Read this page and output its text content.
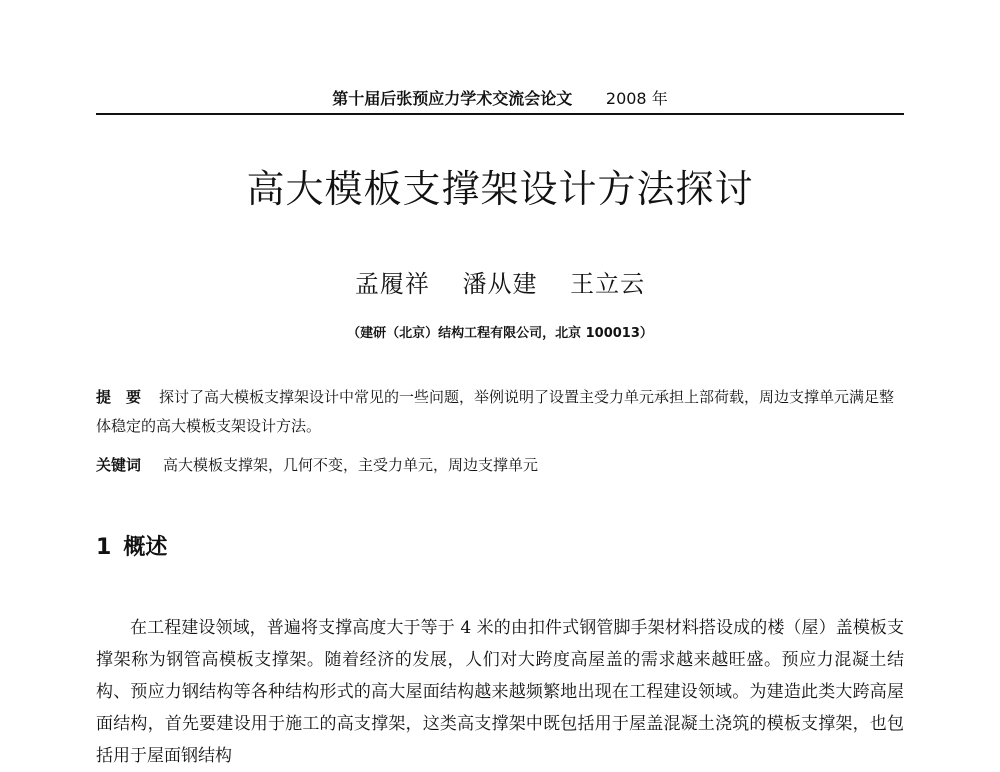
第十届后张预应力学术交流会论文 2008 年
高大模板支撑架设计方法探讨
孟履祥 潘从建 王立云
（建研（北京）结构工程有限公司，北京 100013）
提　要 探讨了高大模板支撑架设计中常见的一些问题，举例说明了设置主受力单元承担上部荷载，周边支撑单元满足整体稳定的高大模板支架设计方法。
关键词 高大模板支撑架，几何不变，主受力单元，周边支撑单元
1 概述
在工程建设领域，普遍将支撑高度大于等于 4 米的由扣件式钢管脚手架材料搭设成的楼（屋）盖模板支撑架称为钢管高模板支撑架。随着经济的发展，人们对大跨度高屋盖的需求越来越旺盛。预应力混凝土结构、预应力钢结构等各种结构形式的高大屋面结构越来越频繁地出现在工程建设领域。为建造此类大跨高屋面结构，首先要建设用于施工的高支撑架，这类高支撑架中既包括用于屋盖混凝土浇筑的模板支撑架，也包括用于屋面钢结构
